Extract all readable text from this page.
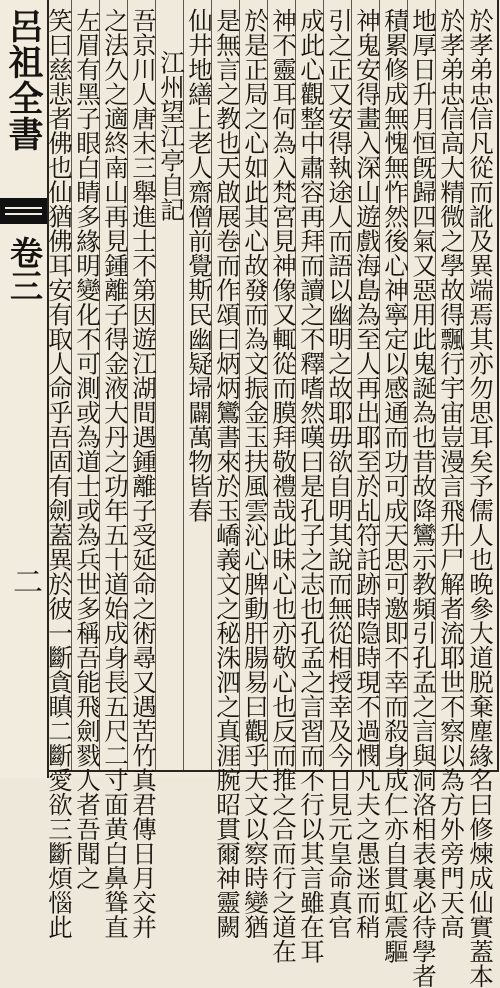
呂祖全書
卷三
二	於孝弟忠信凡從而訛及異端焉其亦勿思耳矣予儒人也晚參大道脱棄塵緣名曰修煉成仙實蓋本
於孝弟忠信高大精微之學故得飄行宇宙豈漫言飛升尸解者流耶世不察以為方外旁門天高
地厚日升月恒旣歸四氣又惡用此鬼誕為也昔故降鸞示教頻引孔孟之言與洞洛相表裏必待學者
積累修成無愧無怍然後心神寧定以感通而功可成天思可邀即不幸而殺身成仁亦自貫虹震驅
神鬼安得畫入深山遊戲海島為至人再出耶至於乩符託跡時隐時現不過憫凡夫之愚迷而稍
引之正又安得執途人而語以幽明之故耶毋欲自明其說而無從相授幸及今日見元皇命真官
成此心觀整中肅容再拜而讀之不釋嗜然嘆曰是孔子之志也孔孟之言習而不行以其言雖在耳
神不靈耳何為入梵宮見神像又輒從而膜拜敬禮哉此昧心也亦敬心也反而推之合而行之道在
於是正局之心如此其心故發而為文振金玉扶風雲沁心脾動肝腸易曰觀乎天文以察時變猶
是無言之教也天啟展卷而作頌曰炳炳鸞書來於玉嶠義文之秘洙泗之真涯腕昭貫爾神靈闕
仙井地繕上老人齋僧前覺斯民幽疑埽闢萬物皆春
江州望江亭自記
吾京川人唐末三舉進士不第因遊江湖間遇鍾離子受延命之術尋又遇苦竹真君傳日月交并
之法久之適終南山再見鍾離子得金液大丹之功年五十道始成身長五尺二寸面黄白鼻聳直
左眉有黑子眼白睛多緣明變化不可測或為道士或為兵世多稱吾能飛劍戮人者吾聞之
笑曰慈悲者佛也仙猶佛耳安有取人命乎吾固有劍蓋異於彼一斷貪瞋二斷愛欲三斷煩惱此
